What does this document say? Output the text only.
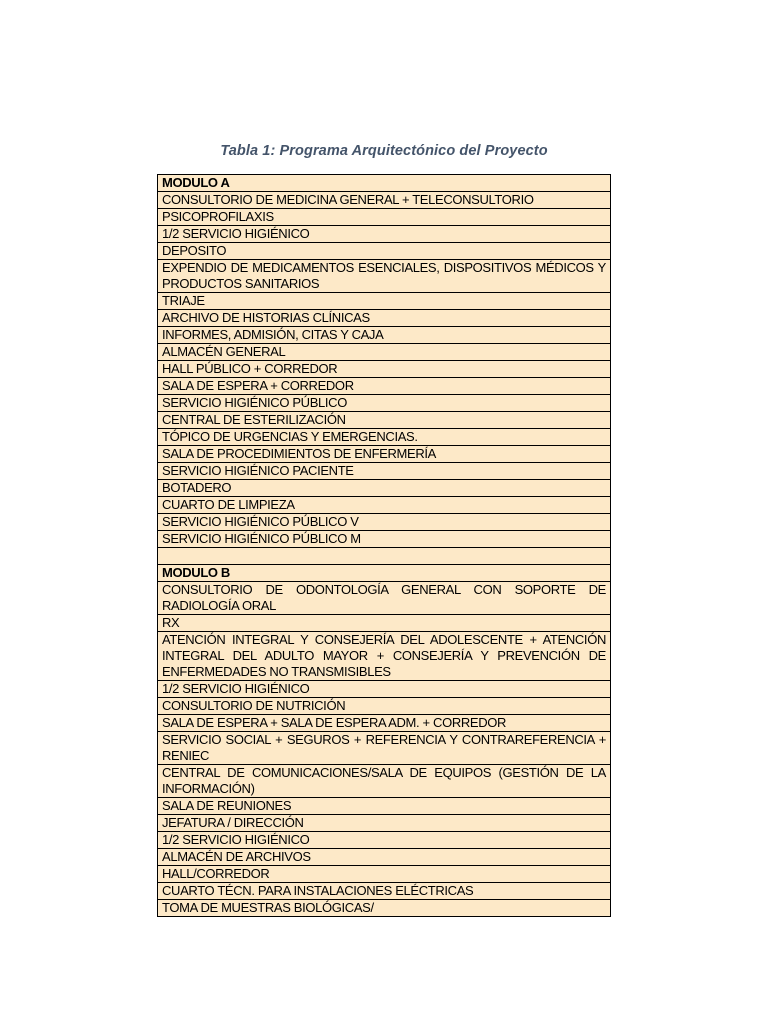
Tabla 1: Programa Arquitectónico del Proyecto
MODULO A

CONSULTORIO DE MEDICINA GENERAL + TELECONSULTORIO

PSICOPROFILAXIS

1/2 SERVICIO HIGIÉNICO

DEPOSITO

EXPENDIO DE MEDICAMENTOS ESENCIALES, DISPOSITIVOS MÉDICOS Y PRODUCTOS SANITARIOS

TRIAJE

ARCHIVO DE HISTORIAS CLÍNICAS

INFORMES, ADMISIÓN, CITAS Y CAJA

ALMACÉN GENERAL

HALL PÚBLICO + CORREDOR

SALA DE ESPERA + CORREDOR

SERVICIO HIGIÉNICO PÚBLICO

CENTRAL DE ESTERILIZACIÓN

TÓPICO DE URGENCIAS Y EMERGENCIAS.

SALA DE PROCEDIMIENTOS DE ENFERMERÍA

SERVICIO HIGIÉNICO PACIENTE

BOTADERO

CUARTO DE LIMPIEZA

SERVICIO HIGIÉNICO PÚBLICO V

SERVICIO HIGIÉNICO PÚBLICO M

MODULO B

CONSULTORIO DE ODONTOLOGÍA GENERAL CON SOPORTE DE RADIOLOGÍA ORAL

RX

ATENCIÓN INTEGRAL Y CONSEJERÍA DEL ADOLESCENTE + ATENCIÓN INTEGRAL DEL ADULTO MAYOR + CONSEJERÍA Y PREVENCIÓN DE ENFERMEDADES NO TRANSMISIBLES

1/2 SERVICIO HIGIÉNICO

CONSULTORIO DE NUTRICIÓN

SALA DE ESPERA + SALA DE ESPERA ADM. + CORREDOR

SERVICIO SOCIAL + SEGUROS + REFERENCIA Y CONTRAREFERENCIA + RENIEC

CENTRAL DE COMUNICACIONES/SALA DE EQUIPOS (GESTIÓN DE LA INFORMACIÓN)

SALA DE REUNIONES

JEFATURA / DIRECCIÓN

1/2 SERVICIO HIGIÉNICO

ALMACÉN DE ARCHIVOS

HALL/CORREDOR

CUARTO TÉCN. PARA INSTALACIONES ELÉCTRICAS

TOMA DE MUESTRAS BIOLÓGICAS/
